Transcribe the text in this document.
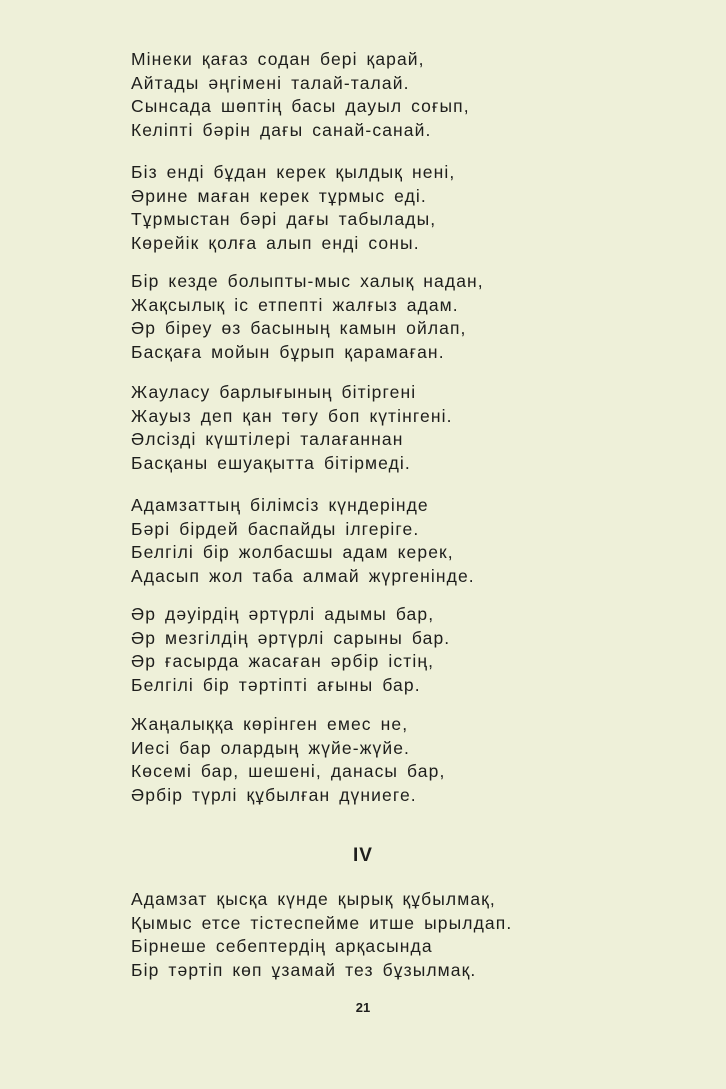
Мінеки қағаз содан бері қарай,
Айтады әңгімені талай-талай.
Сынсада шөптің басы дауыл соғып,
Келіпті бәрін дағы санай-санай.
Біз енді бұдан керек қылдық нені,
Әрине маған керек тұрмыс еді.
Тұрмыстан бәрі дағы табылады,
Көрейік қолға алып енді соны.
Бір кезде болыпты-мыс халық надан,
Жақсылық іс етпепті жалғыз адам.
Әр біреу өз басының камын ойлап,
Басқаға мойын бұрып қарамаған.
Жауласу барлығының бітіргені
Жауыз деп қан төгу боп күтінгені.
Әлсізді күштілері талағаннан
Басқаны ешуақытта бітірмеді.
Адамзаттың білімсіз күндерінде
Бәрі бірдей баспайды ілгеріге.
Белгілі бір жолбасшы адам керек,
Адасып жол таба алмай жүргенінде.
Әр дәуірдің әртүрлі адымы бар,
Әр мезгілдің әртүрлі сарыны бар.
Әр ғасырда жасаған әрбір істің,
Белгілі бір тәртіпті ағыны бар.
Жаңалыққа көрінген емес не,
Иесі бар олардың жүйе-жүйе.
Көсемі бар, шешені, данасы бар,
Әрбір түрлі құбылған дүниеге.
IV
Адамзат қысқа күнде қырық құбылмақ,
Қымыс етсе тістеспейме итше ырылдап.
Бірнеше себептердің арқасында
Бір тәртіп көп ұзамай тез бұзылмақ.
21
